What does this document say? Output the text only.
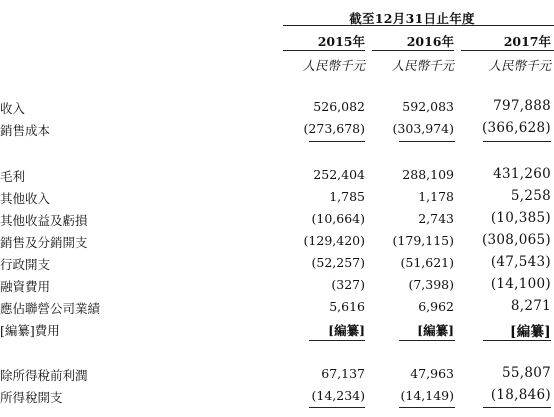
截至12月31日止年度
2015年	2016年	2017年
人民幣千元	人民幣千元	人民幣千元
收入	526,082	592,083	797,888
銷售成本	(273,678)	(303,974)	(366,628)
毛利	252,404	288,109	431,260
其他收入	1,785	1,178	5,258
其他收益及虧損	(10,664)	2,743	(10,385)
銷售及分銷開支	(129,420)	(179,115)	(308,065)
行政開支	(52,257)	(51,621)	(47,543)
融資費用	(327)	(7,398)	(14,100)
應佔聯營公司業績	5,616	6,962	8,271
[編纂]費用	[編纂]	[編纂]	[編纂]
除所得稅前利潤	67,137	47,963	55,807
所得稅開支	(14,234)	(14,149)	(18,846)
